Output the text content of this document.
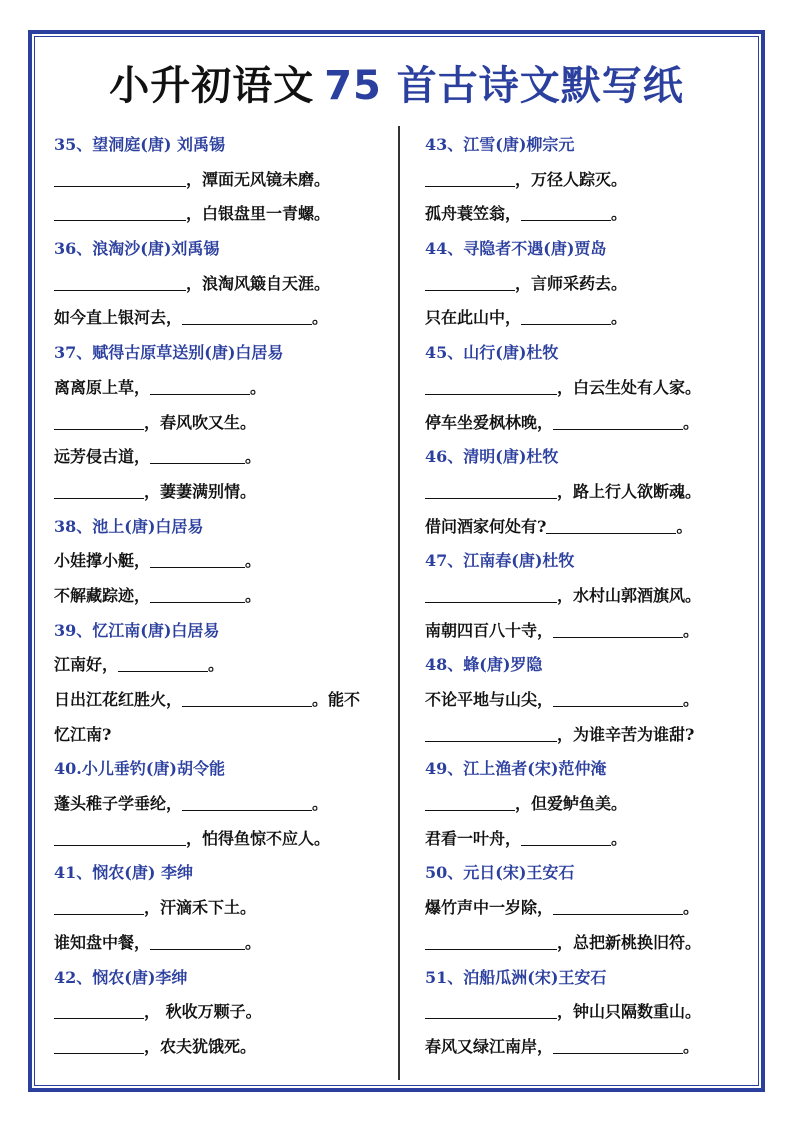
小升初语文 75 首古诗文默写纸
35、望洞庭(唐) 刘禹锡
，潭面无风镜未磨。
，白银盘里一青螺。
36、浪淘沙(唐)刘禹锡
，浪淘风簸自天涯。
如今直上银河去，	。
37、赋得古原草送别(唐)白居易
离离原上草，	。
，春风吹又生。
远芳侵古道，	。
，萋萋满别情。
38、池上(唐)白居易
小娃撑小艇，	。
不解藏踪迹，	。
39、忆江南(唐)白居易
江南好，	。
日出江花红胜火，	。能不
忆江南?
40.小儿垂钓(唐)胡令能
蓬头稚子学垂纶，	。
，怕得鱼惊不应人。
41、悯农(唐) 李绅
，汗滴禾下土。
谁知盘中餐，	。
42、悯农(唐)李绅
， 秋收万颗子。
，农夫犹饿死。
43、江雪(唐)柳宗元
，万径人踪灭。
孤舟蓑笠翁，	。
44、寻隐者不遇(唐)贾岛
，言师采药去。
只在此山中，	。
45、山行(唐)杜牧
，白云生处有人家。
停车坐爱枫林晚，	。
46、清明(唐)杜牧
，路上行人欲断魂。
借问酒家何处有?	。
47、江南春(唐)杜牧
，水村山郭酒旗风。
南朝四百八十寺，	。
48、蜂(唐)罗隐
不论平地与山尖，	。
，为谁辛苦为谁甜?
49、江上渔者(宋)范仲淹
，但爱鲈鱼美。
君看一叶舟，	。
50、元日(宋)王安石
爆竹声中一岁除，	。
，总把新桃换旧符。
51、泊船瓜洲(宋)王安石
，钟山只隔数重山。
春风又绿江南岸，	。
